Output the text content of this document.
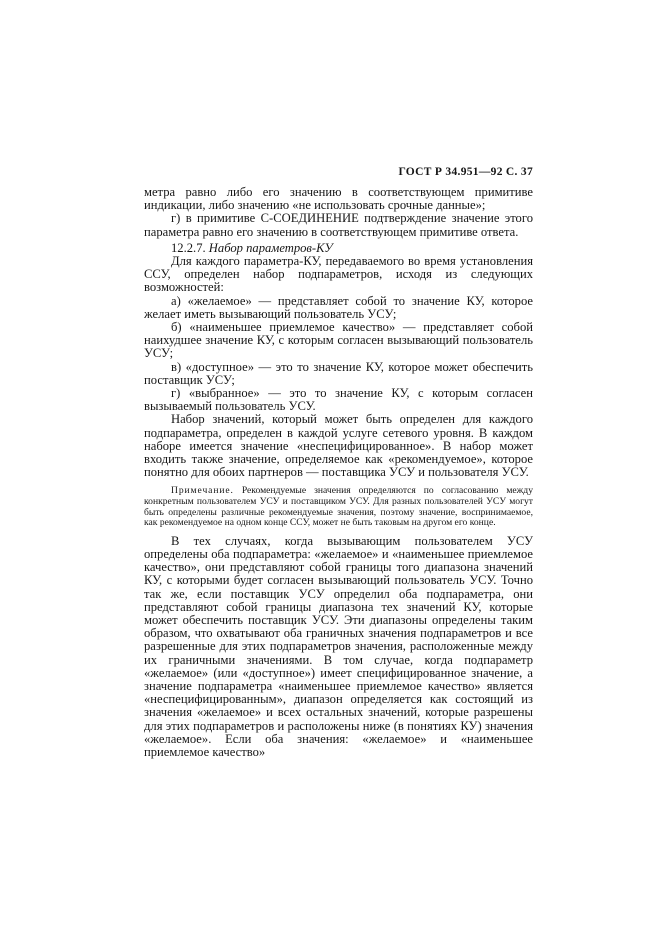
ГОСТ Р 34.951—92 С. 37

метра равно либо его значению в соответствующем примитиве индикации, либо значению «не использовать срочные данные»;

г) в примитиве С-СОЕДИНЕНИЕ подтверждение значение этого параметра равно его значению в соответствующем примитиве ответа.

12.2.7. Набор параметров-КУ

Для каждого параметра-КУ, передаваемого во время установления ССУ, определен набор подпараметров, исходя из следующих возможностей:

а) «желаемое» — представляет собой то значение КУ, которое желает иметь вызывающий пользователь УСУ;

б) «наименьшее приемлемое качество» — представляет собой наихудшее значение КУ, с которым согласен вызывающий пользователь УСУ;

в) «доступное» — это то значение КУ, которое может обеспечить поставщик УСУ;

г) «выбранное» — это то значение КУ, с которым согласен вызываемый пользователь УСУ.

Набор значений, который может быть определен для каждого подпараметра, определен в каждой услуге сетевого уровня. В каждом наборе имеется значение «неспецифицированное». В набор может входить также значение, определяемое как «рекомендуемое», которое понятно для обоих партнеров — поставщика УСУ и пользователя УСУ.

Примечание. Рекомендуемые значения определяются по согласованию между конкретным пользователем УСУ и поставщиком УСУ. Для разных пользователей УСУ могут быть определены различные рекомендуемые значения, поэтому значение, воспринимаемое, как рекомендуемое на одном конце ССУ, может не быть таковым на другом его конце.

В тех случаях, когда вызывающим пользователем УСУ определены оба подпараметра: «желаемое» и «наименьшее приемлемое качество», они представляют собой границы того диапазона значений КУ, с которыми будет согласен вызывающий пользователь УСУ. Точно так же, если поставщик УСУ определил оба подпараметра, они представляют собой границы диапазона тех значений КУ, которые может обеспечить поставщик УСУ. Эти диапазоны определены таким образом, что охватывают оба граничных значения подпараметров и все разрешенные для этих подпараметров значения, расположенные между их граничными значениями. В том случае, когда подпараметр «желаемое» (или «доступное») имеет специфицированное значение, а значение подпараметра «наименьшее приемлемое качество» является «неспецифицированным», диапазон определяется как состоящий из значения «желаемое» и всех остальных значений, которые разрешены для этих подпараметров и расположены ниже (в понятиях КУ) значения «желаемое». Если оба значения: «желаемое» и «наименьшее приемлемое качество»
